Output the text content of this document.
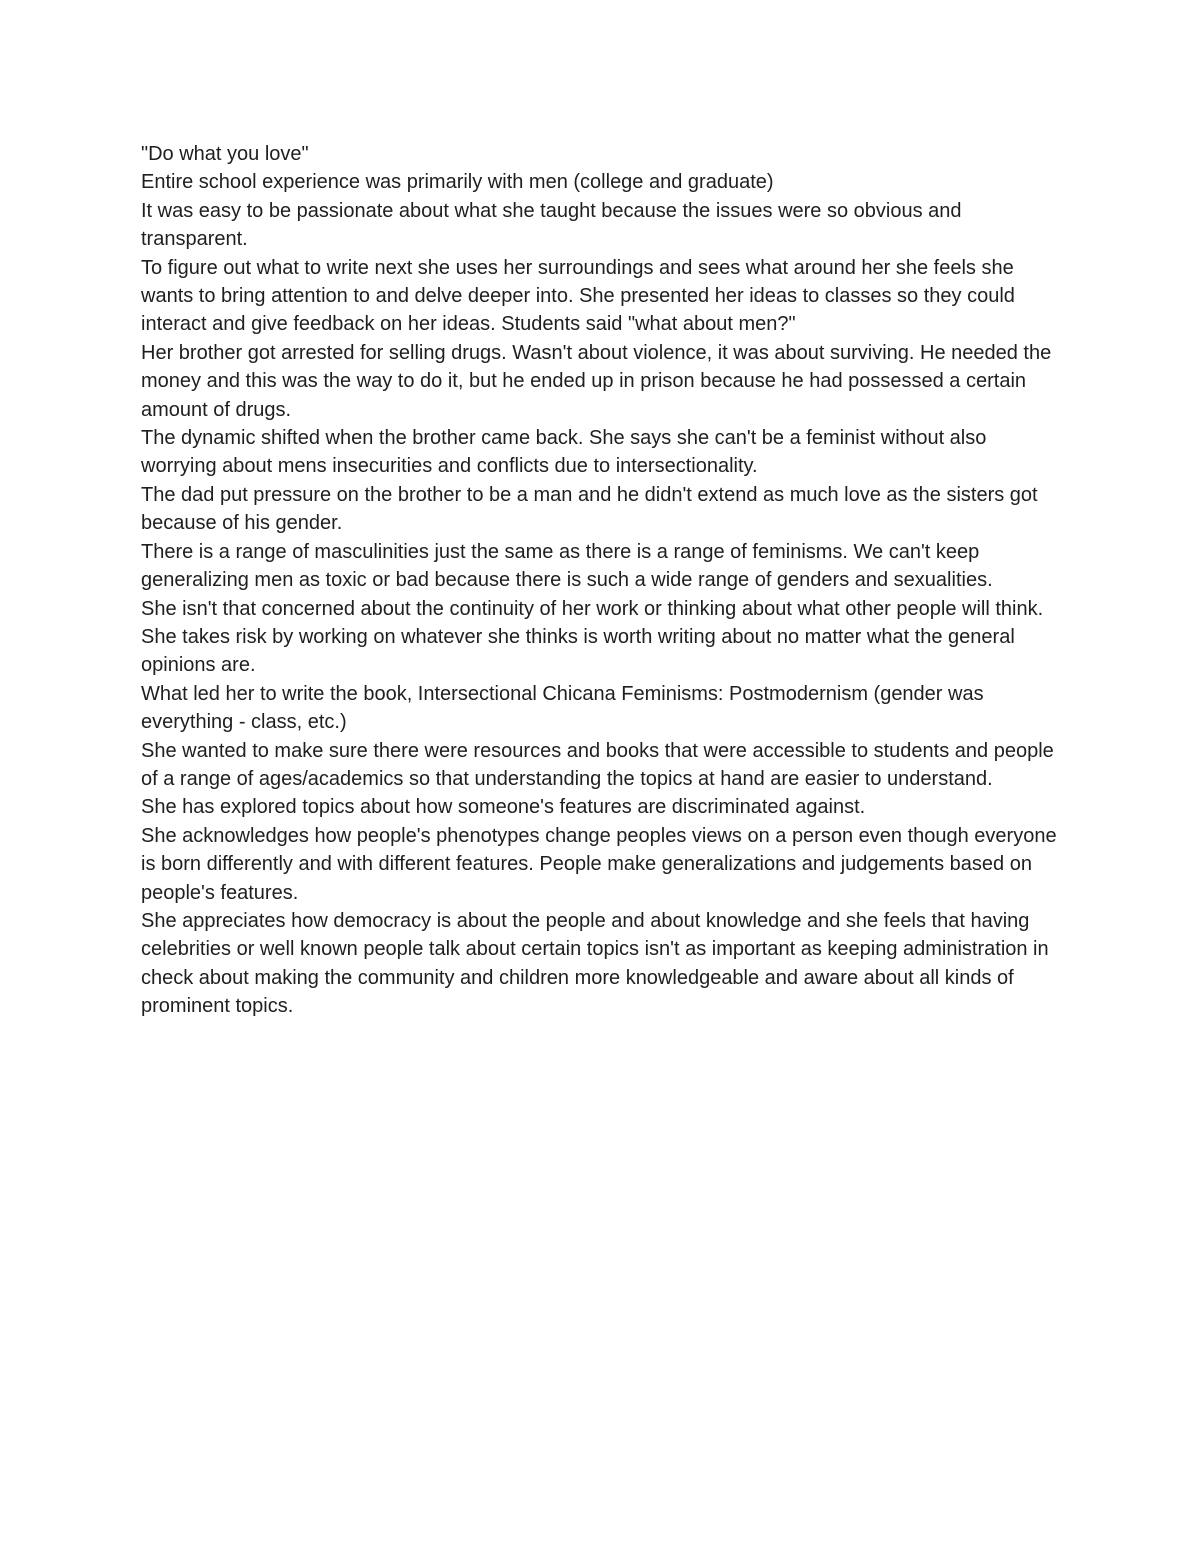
"Do what you love"

Entire school experience was primarily with men (college and graduate)

It was easy to be passionate about what she taught because the issues were so obvious and transparent.

To figure out what to write next she uses her surroundings and sees what around her she feels she wants to bring attention to and delve deeper into. She presented her ideas to classes so they could interact and give feedback on her ideas. Students said "what about men?"

Her brother got arrested for selling drugs. Wasn't about violence, it was about surviving. He needed the money and this was the way to do it, but he ended up in prison because he had possessed a certain amount of drugs.

The dynamic shifted when the brother came back. She says she can't be a feminist without also worrying about mens insecurities and conflicts due to intersectionality.

The dad put pressure on the brother to be a man and he didn't extend as much love as the sisters got because of his gender.

There is a range of masculinities just the same as there is a range of feminisms. We can't keep generalizing men as toxic or bad because there is such a wide range of genders and sexualities.

She isn't that concerned about the continuity of her work or thinking about what other people will think. She takes risk by working on whatever she thinks is worth writing about no matter what the general opinions are.

What led her to write the book, Intersectional Chicana Feminisms: Postmodernism (gender was everything - class, etc.)

She wanted to make sure there were resources and books that were accessible to students and people of a range of ages/academics so that understanding the topics at hand are easier to understand.

She has explored topics about how someone's features are discriminated against.

She acknowledges how people's phenotypes change peoples views on a person even though everyone is born differently and with different features. People make generalizations and judgements based on people's features.

She appreciates how democracy is about the people and about knowledge and she feels that having celebrities or well known people talk about certain topics isn't as important as keeping administration in check about making the community and children more knowledgeable and aware about all kinds of prominent topics.
